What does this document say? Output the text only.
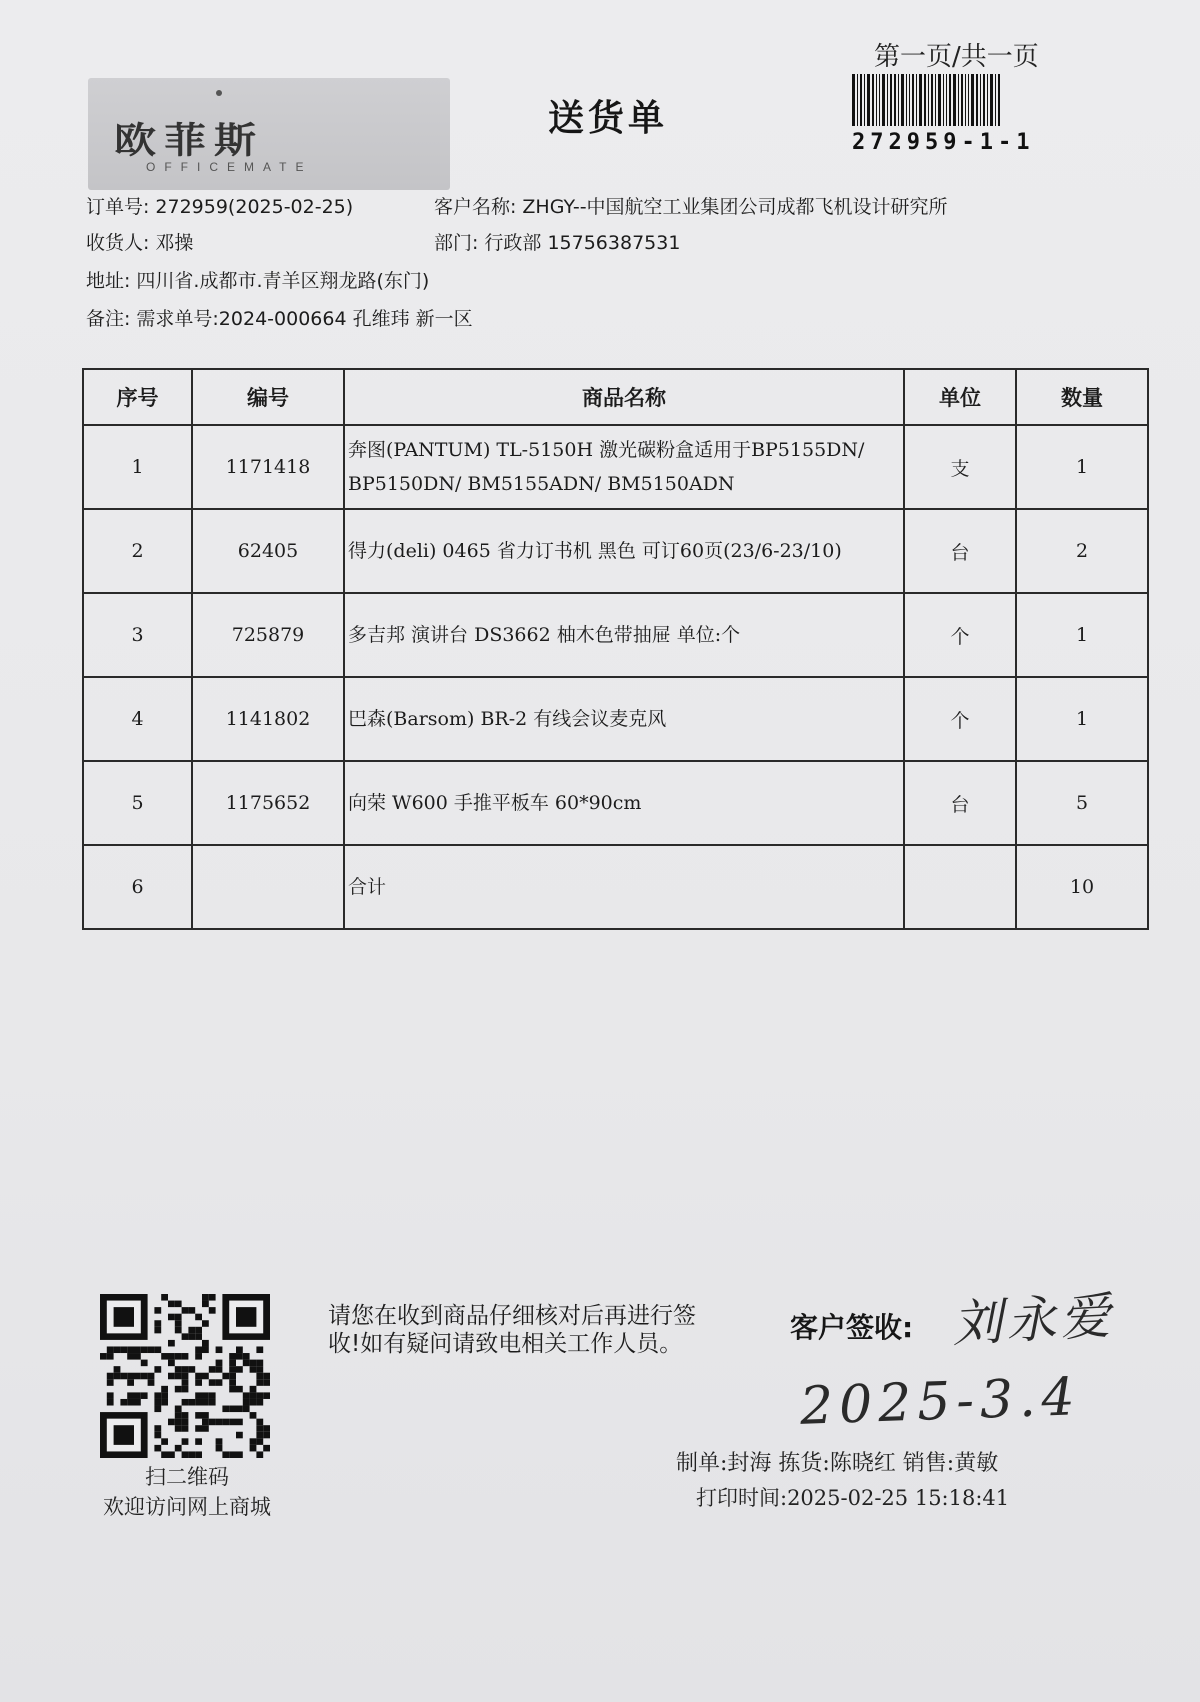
欧菲斯
OFFICEMATE
送货单
第一页/共一页
272959-1-1
订单号: 272959(2025-02-25)	客户名称: ZHGY--中国航空工业集团公司成都飞机设计研究所
收货人: 邓操	部门: 行政部 15756387531
地址: 四川省.成都市.青羊区翔龙路(东门)
备注: 需求单号:2024-000664 孔维玮 新一区
序号	编号	商品名称	单位	数量
1	1171418	奔图(PANTUM) TL-5150H 激光碳粉盒适用于BP5155DN/
BP5150DN/ BM5155ADN/ BM5150ADN	支	1
2	62405	得力(deli) 0465 省力订书机 黑色 可订60页(23/6-23/10)	台	2
3	725879	多吉邦 演讲台 DS3662 柚木色带抽屉 单位:个	个	1
4	1141802	巴森(Barsom) BR-2 有线会议麦克风	个	1
5	1175652	向荣 W600 手推平板车 60*90cm	台	5
6		合计		10
扫二维码
欢迎访问网上商城
请您在收到商品仔细核对后再进行签收!如有疑问请致电相关工作人员。	客户签收: 刘永爱
2025-3.4
制单:封海 拣货:陈晓红 销售:黄敏
打印时间:2025-02-25 15:18:41
